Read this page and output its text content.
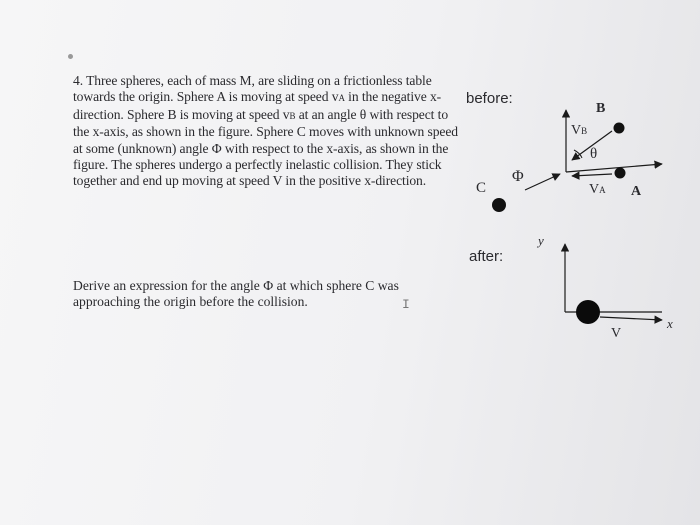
4. Three spheres, each of mass M, are sliding on a frictionless table towards the origin. Sphere A is moving at speed vA in the negative x-direction. Sphere B is moving at speed vB at an angle θ with respect to the x-axis, as shown in the figure. Sphere C moves with unknown speed at some (unknown) angle Φ with respect to the x-axis, as shown in the figure. The spheres undergo a perfectly inelastic collision. They stick together and end up moving at speed V in the positive x-direction.

Derive an expression for the angle Φ at which sphere C was approaching the origin before the collision.	I
before:
after:
B
A
C
VB
VA
θ
Φ
y
x
V
